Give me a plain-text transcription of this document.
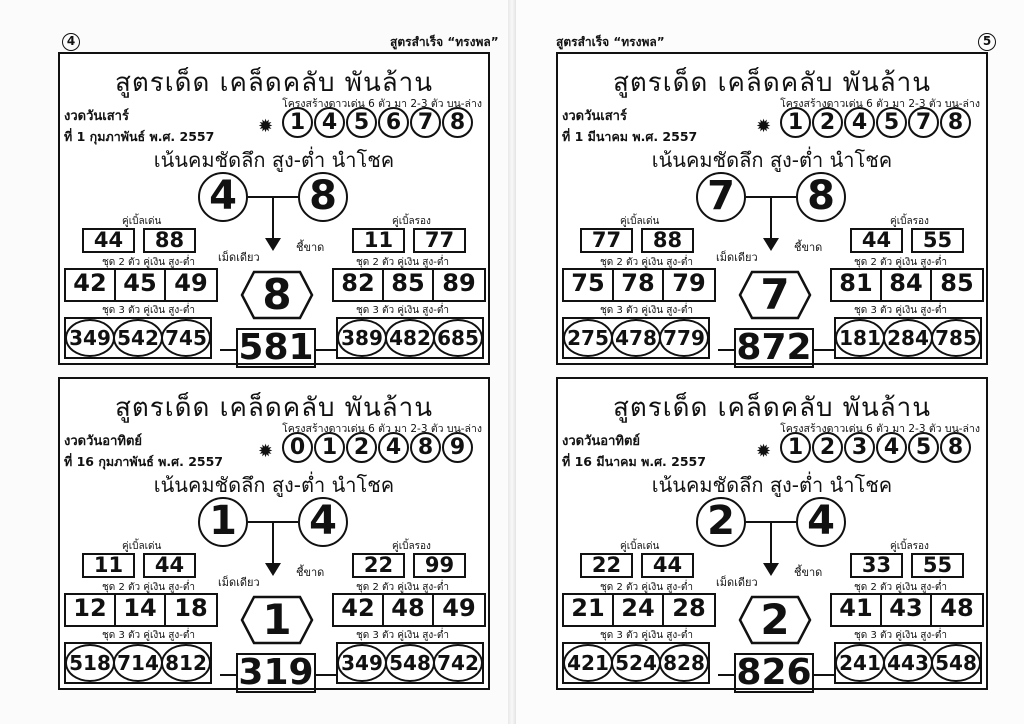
4	สูตรสำเร็จ “ทรงพล”	สูตรสำเร็จ “ทรงพล”	5
สูตรเด็ด เคล็ดคลับ พันล้าน
โครงสร้างดาวเด่น 6 ตัว มา 2-3 ตัว บน-ล่าง
งวดวันเสาร์
ที่ 1 กุมภาพันธ์ พ.ศ. 2557 ✹ 1 4 5 6 7 8
เน้นคมชัดลึก สูง-ต่ำ นำโชค
4 8
คู่เบิ้ลเด่น	คู่เบิ้ลรอง
44	88	11	77
เม็ดเดียว
ชี้ขาด
ชุด 2 ตัว คู่เงิน สูง-ต่ำ	ชุด 2 ตัว คู่เงิน สูง-ต่ำ
42 45 49	82 85 89
8
ชุด 3 ตัว คู่เงิน สูง-ต่ำ	ชุด 3 ตัว คู่เงิน สูง-ต่ำ
349 542 745	389 482 685
581
สูตรเด็ด เคล็ดคลับ พันล้าน
โครงสร้างดาวเด่น 6 ตัว มา 2-3 ตัว บน-ล่าง
งวดวันเสาร์
ที่ 1 มีนาคม พ.ศ. 2557	✹ 1 2 4 5 7 8
เน้นคมชัดลึก สูง-ต่ำ นำโชค
7 8
คู่เบิ้ลเด่น	คู่เบิ้ลรอง
77	88	44	55
เม็ดเดียว
ชี้ขาด
ชุด 2 ตัว คู่เงิน สูง-ต่ำ	ชุด 2 ตัว คู่เงิน สูง-ต่ำ
75 78 79	81 84 85
7
ชุด 3 ตัว คู่เงิน สูง-ต่ำ	ชุด 3 ตัว คู่เงิน สูง-ต่ำ
275 478 779	181 284 785
872
สูตรเด็ด เคล็ดคลับ พันล้าน
โครงสร้างดาวเด่น 6 ตัว มา 2-3 ตัว บน-ล่าง
งวดวันอาทิตย์
ที่ 16 กุมภาพันธ์ พ.ศ. 2557 ✹ 0 1 2 4 8 9
เน้นคมชัดลึก สูง-ต่ำ นำโชค
1 4
คู่เบิ้ลเด่น	คู่เบิ้ลรอง
11	44	22	99
เม็ดเดียว
ชี้ขาด
ชุด 2 ตัว คู่เงิน สูง-ต่ำ	ชุด 2 ตัว คู่เงิน สูง-ต่ำ
12 14 18	42 48 49
1
ชุด 3 ตัว คู่เงิน สูง-ต่ำ	ชุด 3 ตัว คู่เงิน สูง-ต่ำ
518 714 812	349 548 742
319
สูตรเด็ด เคล็ดคลับ พันล้าน
โครงสร้างดาวเด่น 6 ตัว มา 2-3 ตัว บน-ล่าง
งวดวันอาทิตย์
ที่ 16 มีนาคม พ.ศ. 2557	✹ 1 2 3 4 5 8
เน้นคมชัดลึก สูง-ต่ำ นำโชค
2 4
คู่เบิ้ลเด่น	คู่เบิ้ลรอง
22	44	33	55
เม็ดเดียว
ชี้ขาด
ชุด 2 ตัว คู่เงิน สูง-ต่ำ	ชุด 2 ตัว คู่เงิน สูง-ต่ำ
21 24 28	41 43 48
2
ชุด 3 ตัว คู่เงิน สูง-ต่ำ	ชุด 3 ตัว คู่เงิน สูง-ต่ำ
421 524 828	241 443 548
826
